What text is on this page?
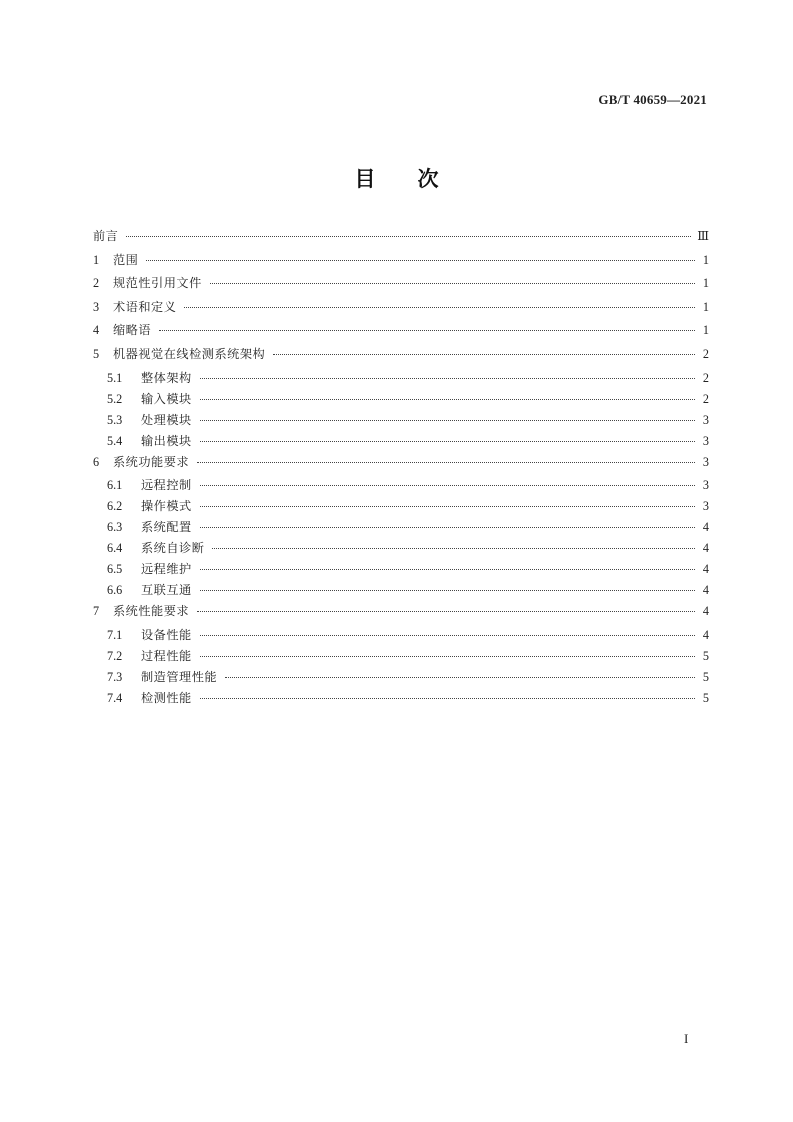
GB/T 40659—2021
目次
前言	Ⅲ
1	范围	1
2	规范性引用文件	1
3	术语和定义	1
4	缩略语	1
5	机器视觉在线检测系统架构	2
5.1	整体架构	2
5.2	输入模块	2
5.3	处理模块	3
5.4	输出模块	3
6	系统功能要求	3
6.1	远程控制	3
6.2	操作模式	3
6.3	系统配置	4
6.4	系统自诊断	4
6.5	远程维护	4
6.6	互联互通	4
7	系统性能要求	4
7.1	设备性能	4
7.2	过程性能	5
7.3	制造管理性能	5
7.4	检测性能	5
I
